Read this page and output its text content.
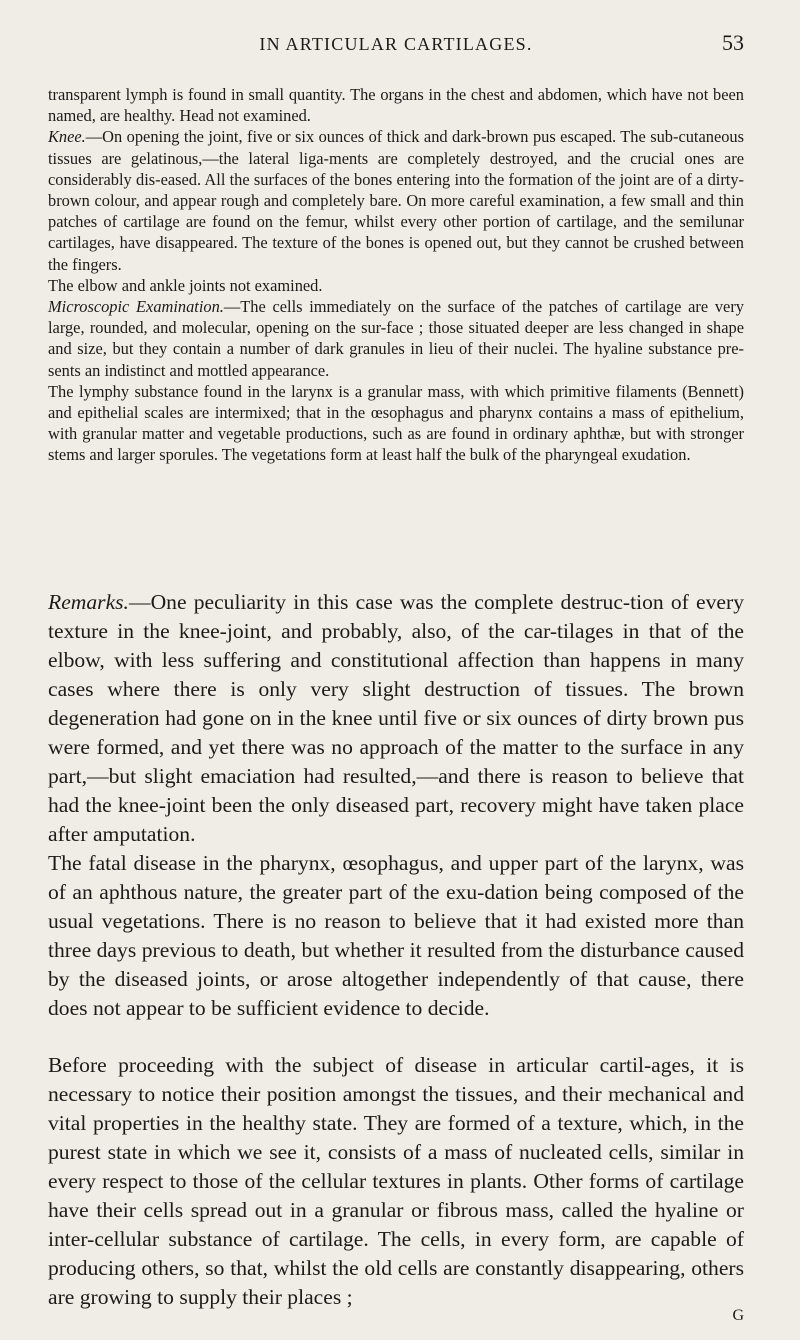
IN ARTICULAR CARTILAGES.	53

transparent lymph is found in small quantity. The organs in the chest and abdomen, which have not been named, are healthy. Head not examined.

Knee.—On opening the joint, five or six ounces of thick and dark-brown pus escaped. The sub-cutaneous tissues are gelatinous,—the lateral liga-ments are completely destroyed, and the crucial ones are considerably dis-eased. All the surfaces of the bones entering into the formation of the joint are of a dirty-brown colour, and appear rough and completely bare. On more careful examination, a few small and thin patches of cartilage are found on the femur, whilst every other portion of cartilage, and the semilunar cartilages, have disappeared. The texture of the bones is opened out, but they cannot be crushed between the fingers.

The elbow and ankle joints not examined.

Microscopic Examination.—The cells immediately on the surface of the patches of cartilage are very large, rounded, and molecular, opening on the sur-face ; those situated deeper are less changed in shape and size, but they contain a number of dark granules in lieu of their nuclei. The hyaline substance pre-sents an indistinct and mottled appearance.

The lymphy substance found in the larynx is a granular mass, with which primitive filaments (Bennett) and epithelial scales are intermixed; that in the œsophagus and pharynx contains a mass of epithelium, with granular matter and vegetable productions, such as are found in ordinary aphthæ, but with stronger stems and larger sporules. The vegetations form at least half the bulk of the pharyngeal exudation.

Remarks.—One peculiarity in this case was the complete destruc-tion of every texture in the knee-joint, and probably, also, of the car-tilages in that of the elbow, with less suffering and constitutional affection than happens in many cases where there is only very slight destruction of tissues. The brown degeneration had gone on in the knee until five or six ounces of dirty brown pus were formed, and yet there was no approach of the matter to the surface in any part,—but slight emaciation had resulted,—and there is reason to believe that had the knee-joint been the only diseased part, recovery might have taken place after amputation.

The fatal disease in the pharynx, œsophagus, and upper part of the larynx, was of an aphthous nature, the greater part of the exu-dation being composed of the usual vegetations. There is no reason to believe that it had existed more than three days previous to death, but whether it resulted from the disturbance caused by the diseased joints, or arose altogether independently of that cause, there does not appear to be sufficient evidence to decide.

Before proceeding with the subject of disease in articular cartil-ages, it is necessary to notice their position amongst the tissues, and their mechanical and vital properties in the healthy state. They are formed of a texture, which, in the purest state in which we see it, consists of a mass of nucleated cells, similar in every respect to those of the cellular textures in plants. Other forms of cartilage have their cells spread out in a granular or fibrous mass, called the hyaline or inter-cellular substance of cartilage. The cells, in every form, are capable of producing others, so that, whilst the old cells are constantly disappearing, others are growing to supply their places ;

G
